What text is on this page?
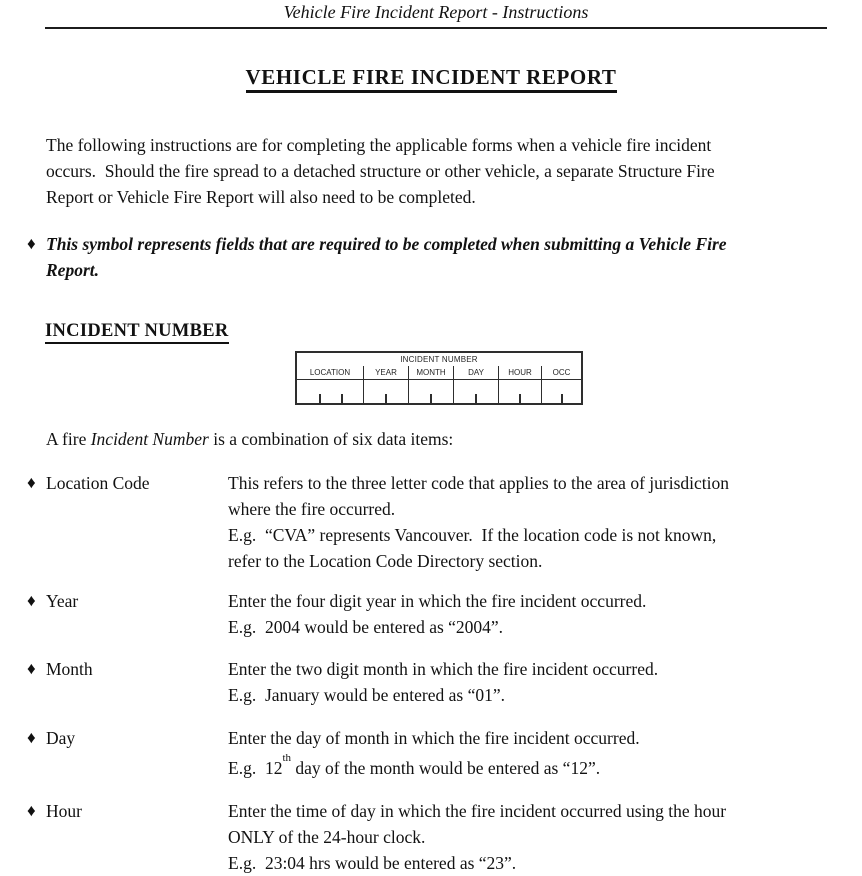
Vehicle Fire Incident Report - Instructions
VEHICLE FIRE INCIDENT REPORT
The following instructions are for completing the applicable forms when a vehicle fire incident
occurs.  Should the fire spread to a detached structure or other vehicle, a separate Structure Fire
Report or Vehicle Fire Report will also need to be completed.
♦ This symbol represents fields that are required to be completed when submitting a Vehicle Fire
Report.
INCIDENT NUMBER
INCIDENT NUMBER
LOCATION	YEAR	MONTH	DAY	HOUR	OCC
A fire Incident Number is a combination of six data items:
♦ Location Code	This refers to the three letter code that applies to the area of jurisdiction
where the fire occurred.
E.g.  “CVA” represents Vancouver.  If the location code is not known,
refer to the Location Code Directory section.
♦ Year	Enter the four digit year in which the fire incident occurred.
E.g.  2004 would be entered as “2004”.
♦ Month	Enter the two digit month in which the fire incident occurred.
E.g.  January would be entered as “01”.
♦ Day	Enter the day of month in which the fire incident occurred.
E.g.  12th day of the month would be entered as “12”.
♦ Hour	Enter the time of day in which the fire incident occurred using the hour
ONLY of the 24-hour clock.
E.g.  23:04 hrs would be entered as “23”.
